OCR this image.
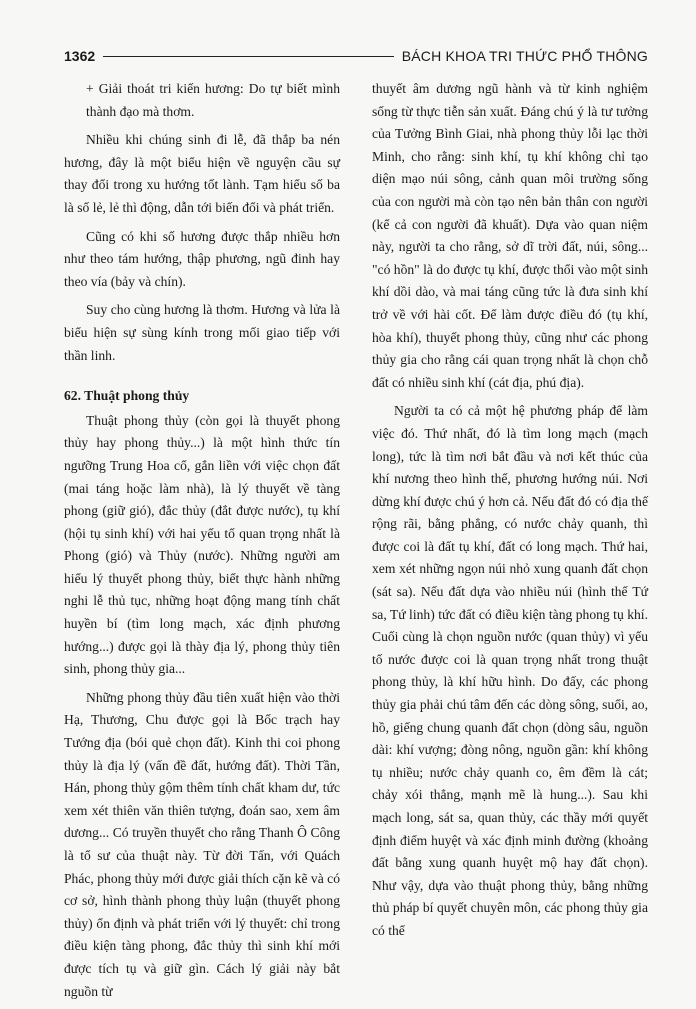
1362	BÁCH KHOA TRI THỨC PHỔ THÔNG

+ Giải thoát tri kiến hương: Do tự biết mình thành đạo mà thơm.

Nhiều khi chúng sinh đi lễ, đã thắp ba nén hương, đây là một biểu hiện về nguyện cầu sự thay đổi trong xu hướng tốt lành. Tạm hiểu số ba là số lẻ, lẻ thì động, dẫn tới biến đổi và phát triển.

Cũng có khi số hương được thắp nhiều hơn như theo tám hướng, thập phương, ngũ đinh hay theo vía (bảy và chín).

Suy cho cùng hương là thơm. Hương và lửa là biểu hiện sự sùng kính trong mối giao tiếp với thần linh.

62. Thuật phong thủy

Thuật phong thủy (còn gọi là thuyết phong thủy hay phong thủy...) là một hình thức tín ngưỡng Trung Hoa cổ, gắn liền với việc chọn đất (mai táng hoặc làm nhà), là lý thuyết về tàng phong (giữ gió), đắc thủy (đắt được nước), tụ khí (hội tụ sinh khí) với hai yếu tố quan trọng nhất là Phong (gió) và Thủy (nước). Những người am hiểu lý thuyết phong thủy, biết thực hành những nghi lễ thủ tục, những hoạt động mang tính chất huyền bí (tìm long mạch, xác định phương hướng...) được gọi là thày địa lý, phong thủy tiên sinh, phong thủy gia...

Những phong thủy đầu tiên xuất hiện vào thời Hạ, Thương, Chu được gọi là Bốc trạch hay Tướng địa (bói quẻ chọn đất). Kinh thi coi phong thủy là địa lý (vấn đề đất, hướng đất). Thời Tần, Hán, phong thủy gộm thêm tính chất kham dư, tức xem xét thiên văn thiên tượng, đoán sao, xem âm dương... Có truyền thuyết cho rằng Thanh Ô Công là tổ sư của thuật này. Từ đời Tấn, với Quách Phác, phong thủy mới được giải thích cặn kẽ và có cơ sở, hình thành phong thủy luận (thuyết phong thủy) ổn định và phát triển với lý thuyết: chỉ trong điều kiện tàng phong, đắc thủy thì sinh khí mới được tích tụ và giữ gìn. Cách lý giải này bắt nguồn từ

thuyết âm dương ngũ hành và từ kinh nghiệm sống từ thực tiễn sản xuất. Đáng chú ý là tư tưởng của Tưởng Bình Giai, nhà phong thủy lỗi lạc thời Minh, cho rằng: sinh khí, tụ khí không chỉ tạo diện mạo núi sông, cảnh quan môi trường sống của con người mà còn tạo nên bản thân con người (kể cả con người đã khuất). Dựa vào quan niệm này, người ta cho rằng, sở dĩ trời đất, núi, sông... "có hồn" là do được tụ khí, được thổi vào một sinh khí dồi dào, và mai táng cũng tức là đưa sinh khí trở về với hài cốt. Để làm được điều đó (tụ khí, hòa khí), thuyết phong thủy, cũng như các phong thủy gia cho rằng cái quan trọng nhất là chọn chỗ đất có nhiều sinh khí (cát địa, phú địa).

Người ta có cả một hệ phương pháp để làm việc đó. Thứ nhất, đó là tìm long mạch (mạch long), tức là tìm nơi bắt đầu và nơi kết thúc của khí nương theo hình thế, phương hướng núi. Nơi dừng khí được chú ý hơn cả. Nếu đất đó có địa thế rộng rãi, bằng phẳng, có nước chảy quanh, thì được coi là đất tụ khí, đất có long mạch. Thứ hai, xem xét những ngọn núi nhỏ xung quanh đất chọn (sát sa). Nếu đất dựa vào nhiều núi (hình thế Tứ sa, Tứ linh) tức đất có điều kiện tàng phong tụ khí. Cuối cùng là chọn nguồn nước (quan thủy) vì yếu tố nước được coi là quan trọng nhất trong thuật phong thủy, là khí hữu hình. Do đấy, các phong thủy gia phải chú tâm đến các dòng sông, suối, ao, hồ, giếng chung quanh đất chọn (dòng sâu, nguồn dài: khí vượng; đòng nông, nguồn gần: khí không tụ nhiều; nước chảy quanh co, êm đềm là cát; chảy xói thẳng, mạnh mẽ là hung...). Sau khi mạch long, sát sa, quan thủy, các thầy mới quyết định điểm huyệt và xác định minh đường (khoảng đất bằng xung quanh huyệt mộ hay đất chọn). Như vậy, dựa vào thuật phong thủy, bằng những thủ pháp bí quyết chuyên môn, các phong thủy gia có thể
